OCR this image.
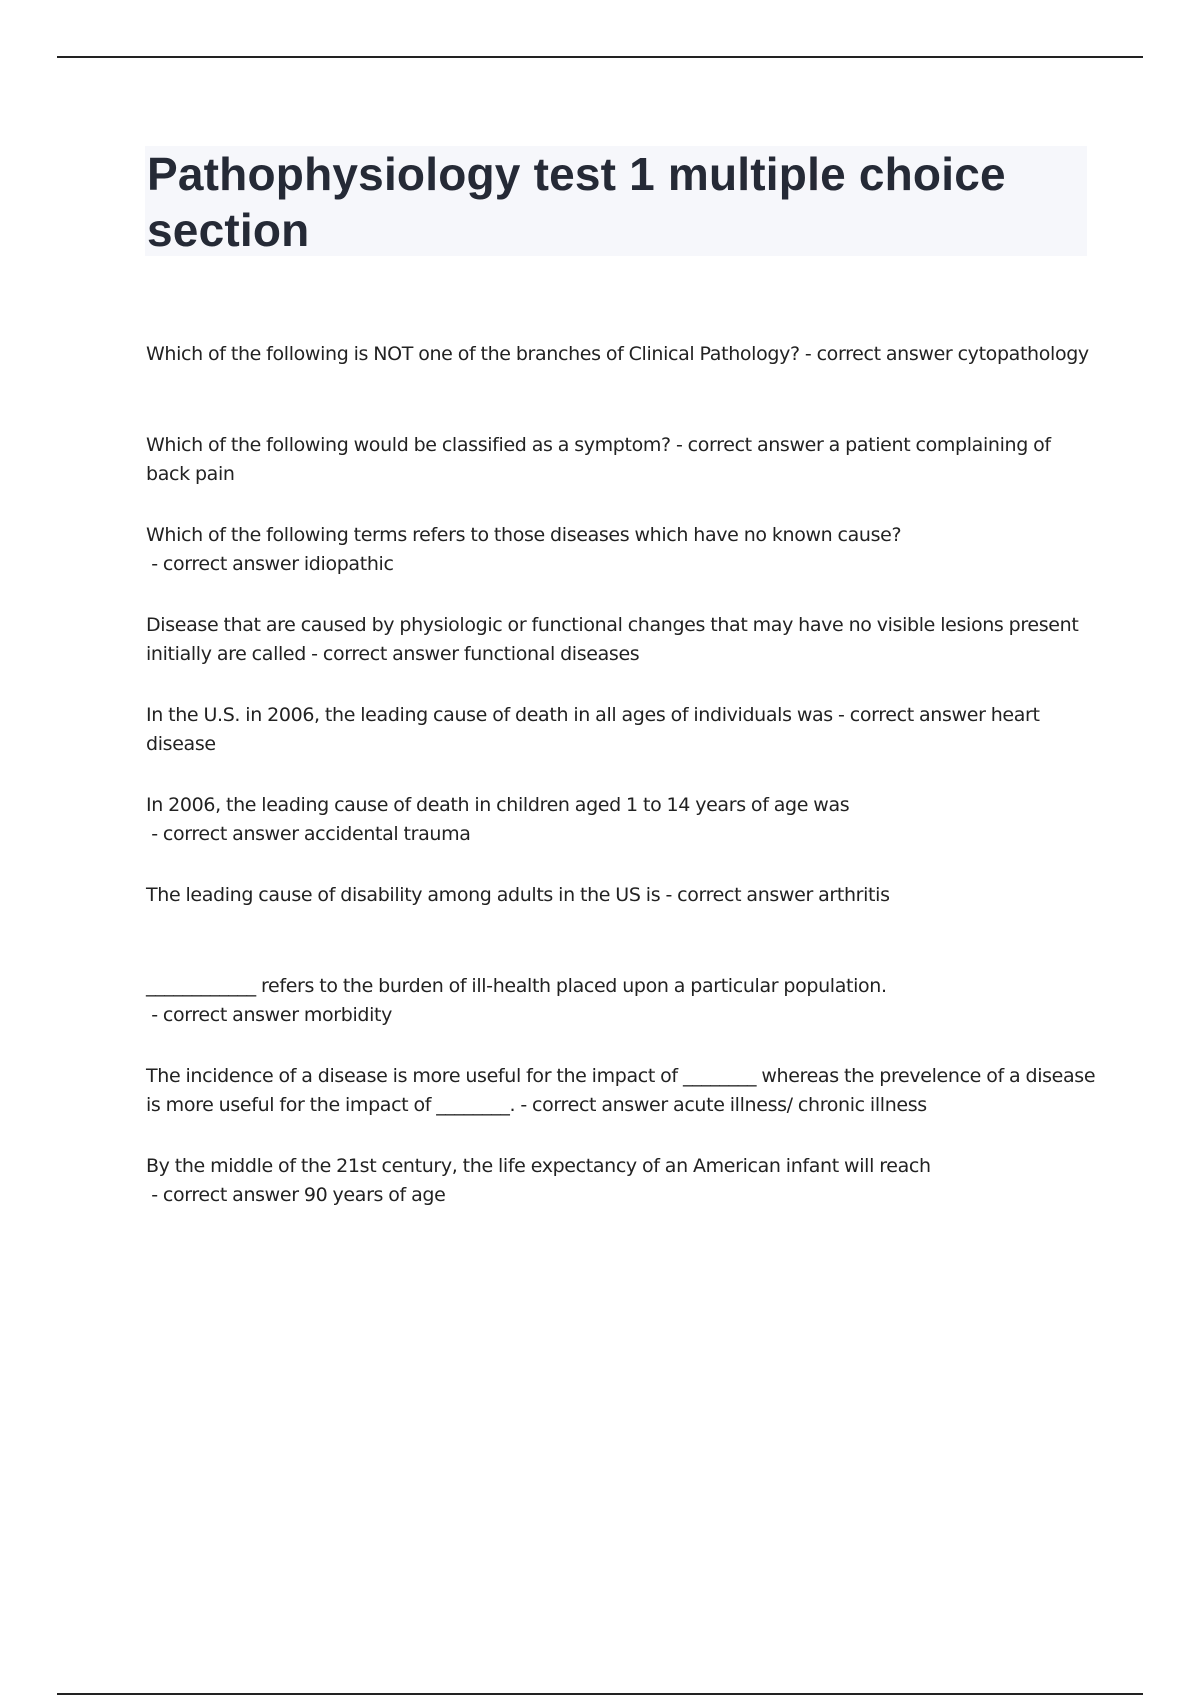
Pathophysiology test 1 multiple choice section

Which of the following is NOT one of the branches of Clinical Pathology? - correct answer cytopathology

Which of the following would be classified as a symptom? - correct answer a patient complaining of back pain

Which of the following terms refers to those diseases which have no known cause? - correct answer idiopathic

Disease that are caused by physiologic or functional changes that may have no visible lesions present initially are called - correct answer functional diseases

In the U.S. in 2006, the leading cause of death in all ages of individuals was - correct answer heart disease

In 2006, the leading cause of death in children aged 1 to 14 years of age was - correct answer accidental trauma

The leading cause of disability among adults in the US is - correct answer arthritis

____________ refers to the burden of ill-health placed upon a particular population. - correct answer morbidity

The incidence of a disease is more useful for the impact of ________ whereas the prevelence of a disease is more useful for the impact of ________. - correct answer acute illness/ chronic illness

By the middle of the 21st century, the life expectancy of an American infant will reach - correct answer 90 years of age
